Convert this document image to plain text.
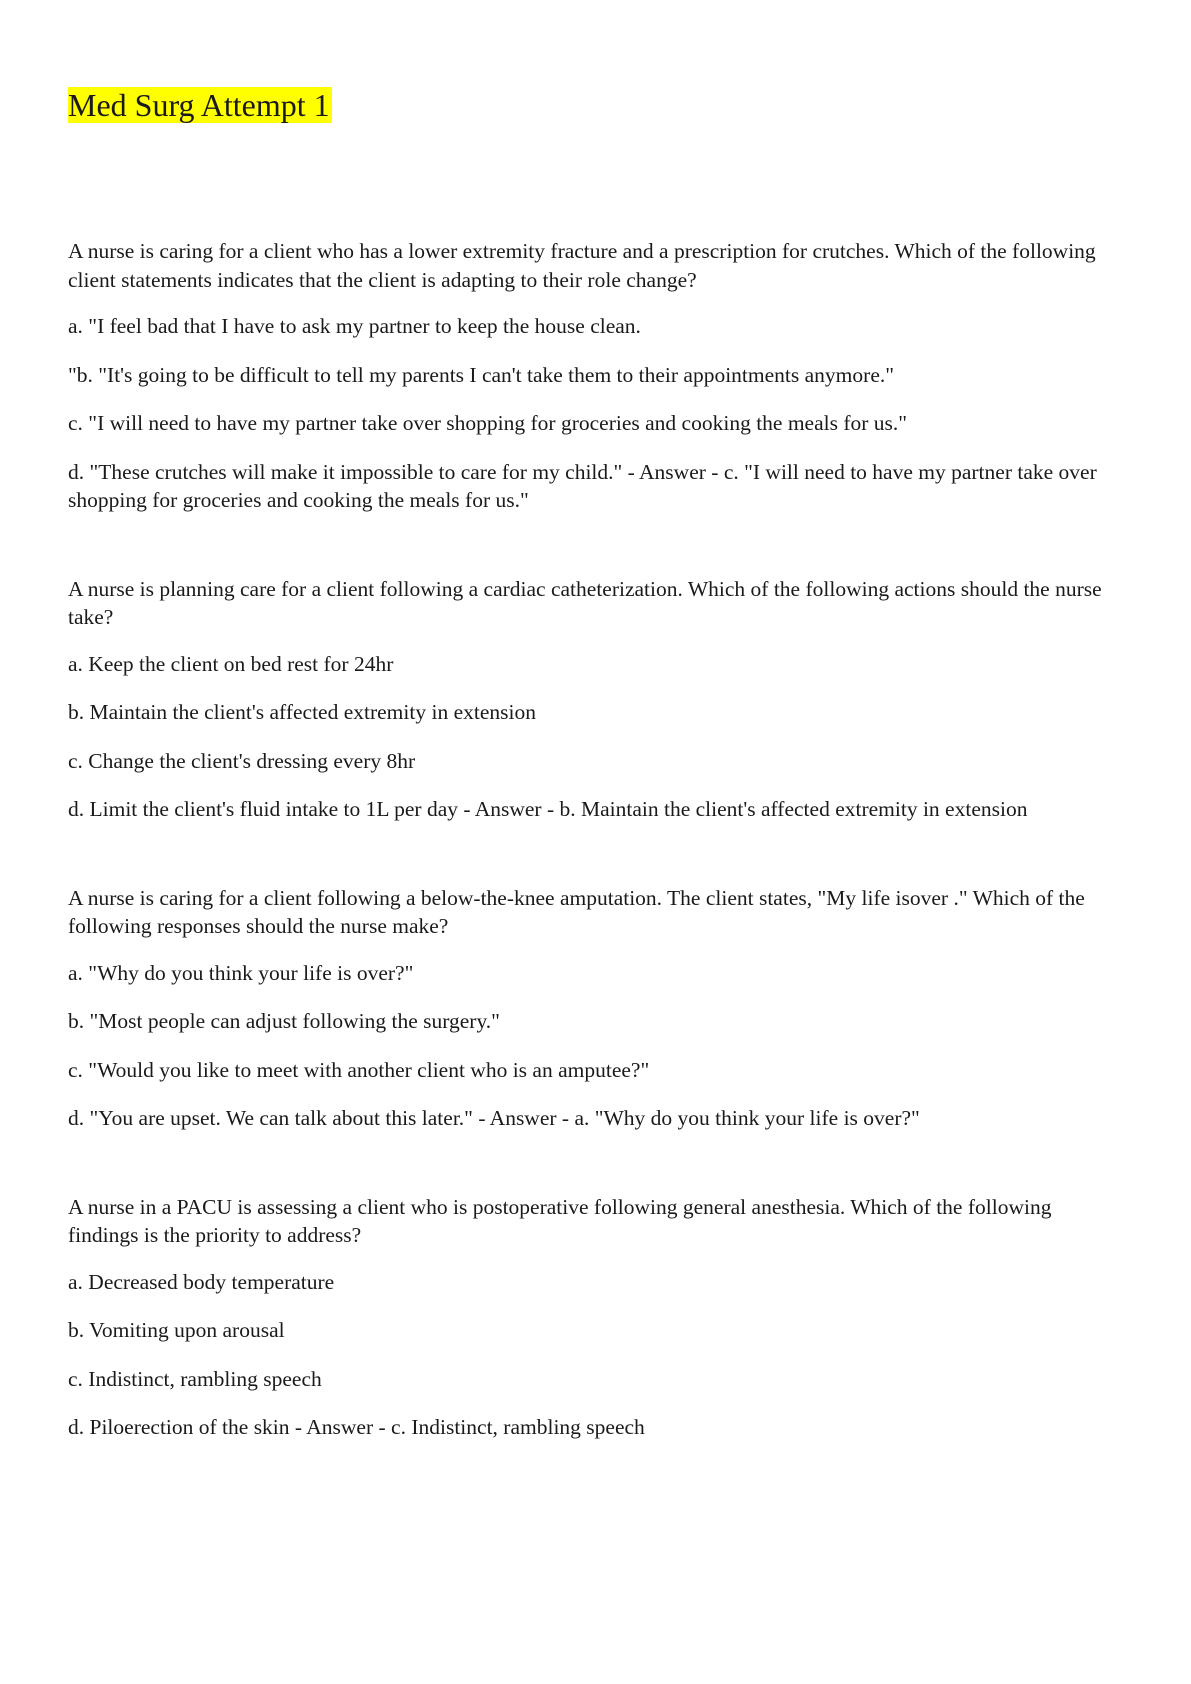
Med Surg Attempt 1

A nurse is caring for a client who has a lower extremity fracture and a prescription for crutches. Which of the following client statements indicates that the client is adapting to their role change?

a. "I feel bad that I have to ask my partner to keep the house clean.

"b. "It's going to be difficult to tell my parents I can't take them to their appointments anymore."

c. "I will need to have my partner take over shopping for groceries and cooking the meals for us."

d. "These crutches will make it impossible to care for my child." - Answer - c. "I will need to have my partner take over shopping for groceries and cooking the meals for us."

A nurse is planning care for a client following a cardiac catheterization. Which of the following actions should the nurse take?

a. Keep the client on bed rest for 24hr

b. Maintain the client's affected extremity in extension

c. Change the client's dressing every 8hr

d. Limit the client's fluid intake to 1L per day - Answer - b. Maintain the client's affected extremity in extension

A nurse is caring for a client following a below-the-knee amputation. The client states, "My life isover ." Which of the following responses should the nurse make?

a. "Why do you think your life is over?"

b. "Most people can adjust following the surgery."

c. "Would you like to meet with another client who is an amputee?"

d. "You are upset. We can talk about this later." - Answer - a. "Why do you think your life is over?"

A nurse in a PACU is assessing a client who is postoperative following general anesthesia. Which of the following findings is the priority to address?

a. Decreased body temperature

b. Vomiting upon arousal

c. Indistinct, rambling speech

d. Piloerection of the skin - Answer - c. Indistinct, rambling speech
